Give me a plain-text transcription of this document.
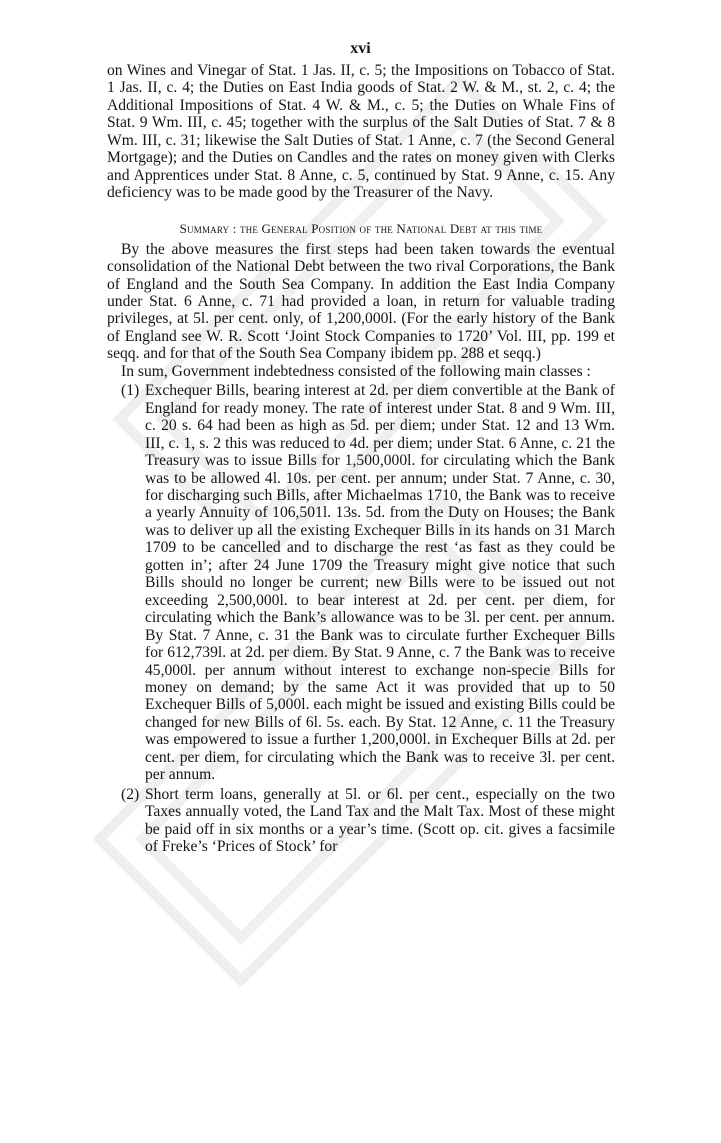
xvi

on Wines and Vinegar of Stat. 1 Jas. II, c. 5; the Impositions on Tobacco of Stat. 1 Jas. II, c. 4; the Duties on East India goods of Stat. 2 W. & M., st. 2, c. 4; the Additional Impositions of Stat. 4 W. & M., c. 5; the Duties on Whale Fins of Stat. 9 Wm. III, c. 45; together with the surplus of the Salt Duties of Stat. 7 & 8 Wm. III, c. 31; likewise the Salt Duties of Stat. 1 Anne, c. 7 (the Second General Mortgage); and the Duties on Candles and the rates on money given with Clerks and Apprentices under Stat. 8 Anne, c. 5, continued by Stat. 9 Anne, c. 15. Any deficiency was to be made good by the Treasurer of the Navy.

Summary : the General Position of the National Debt at this time

By the above measures the first steps had been taken towards the eventual consolidation of the National Debt between the two rival Corporations, the Bank of England and the South Sea Company. In addition the East India Company under Stat. 6 Anne, c. 71 had provided a loan, in return for valuable trading privileges, at 5l. per cent. only, of 1,200,000l. (For the early history of the Bank of England see W. R. Scott ‘Joint Stock Companies to 1720’ Vol. III, pp. 199 et seqq. and for that of the South Sea Company ibidem pp. 288 et seqq.)

In sum, Government indebtedness consisted of the following main classes :

(1) Exchequer Bills, bearing interest at 2d. per diem convertible at the Bank of England for ready money. The rate of interest under Stat. 8 and 9 Wm. III, c. 20 s. 64 had been as high as 5d. per diem; under Stat. 12 and 13 Wm. III, c. 1, s. 2 this was reduced to 4d. per diem; under Stat. 6 Anne, c. 21 the Treasury was to issue Bills for 1,500,000l. for circulating which the Bank was to be allowed 4l. 10s. per cent. per annum; under Stat. 7 Anne, c. 30, for discharging such Bills, after Michaelmas 1710, the Bank was to receive a yearly Annuity of 106,501l. 13s. 5d. from the Duty on Houses; the Bank was to deliver up all the existing Exchequer Bills in its hands on 31 March 1709 to be cancelled and to discharge the rest ‘as fast as they could be gotten in’; after 24 June 1709 the Treasury might give notice that such Bills should no longer be current; new Bills were to be issued out not exceeding 2,500,000l. to bear interest at 2d. per cent. per diem, for circulating which the Bank’s allowance was to be 3l. per cent. per annum. By Stat. 7 Anne, c. 31 the Bank was to circulate further Exchequer Bills for 612,739l. at 2d. per diem. By Stat. 9 Anne, c. 7 the Bank was to receive 45,000l. per annum without interest to exchange non-specie Bills for money on demand; by the same Act it was provided that up to 50 Exchequer Bills of 5,000l. each might be issued and existing Bills could be changed for new Bills of 6l. 5s. each. By Stat. 12 Anne, c. 11 the Treasury was empowered to issue a further 1,200,000l. in Exchequer Bills at 2d. per cent. per diem, for circulating which the Bank was to receive 3l. per cent. per annum.
(2) Short term loans, generally at 5l. or 6l. per cent., especially on the two Taxes annually voted, the Land Tax and the Malt Tax. Most of these might be paid off in six months or a year’s time. (Scott op. cit. gives a facsimile of Freke’s ‘Prices of Stock’ for
